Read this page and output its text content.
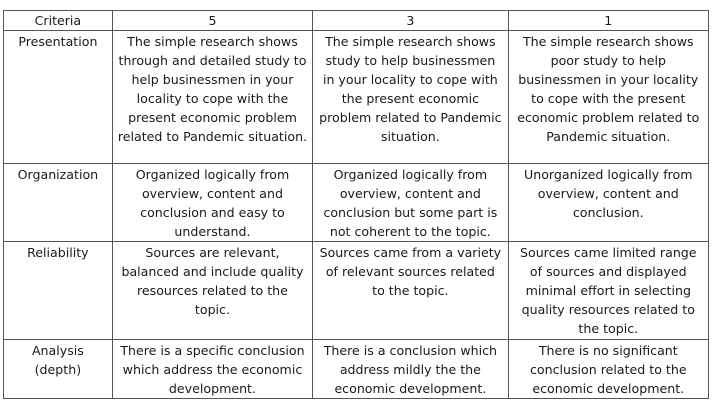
Criteria	5	3	1
Presentation	The simple research shows through and detailed study to help businessmen in your locality to cope with the present economic problem related to Pandemic situation.	The simple research shows study to help businessmen in your locality to cope with the present economic problem related to Pandemic situation.	The simple research shows poor study to help businessmen in your locality to cope with the present economic problem related to Pandemic situation.
Organization	Organized logically from overview, content and conclusion and easy to understand.	Organized logically from overview, content and conclusion but some part is not coherent to the topic.	Unorganized logically from overview, content and conclusion.
Reliability	Sources are relevant, balanced and include quality resources related to the topic.	Sources came from a variety of relevant sources related to the topic.	Sources came limited range of sources and displayed minimal effort in selecting quality resources related to the topic.
Analysis (depth)	There is a specific conclusion which address the economic development.	There is a conclusion which address mildly the the economic development.	There is no significant conclusion related to the economic development.
